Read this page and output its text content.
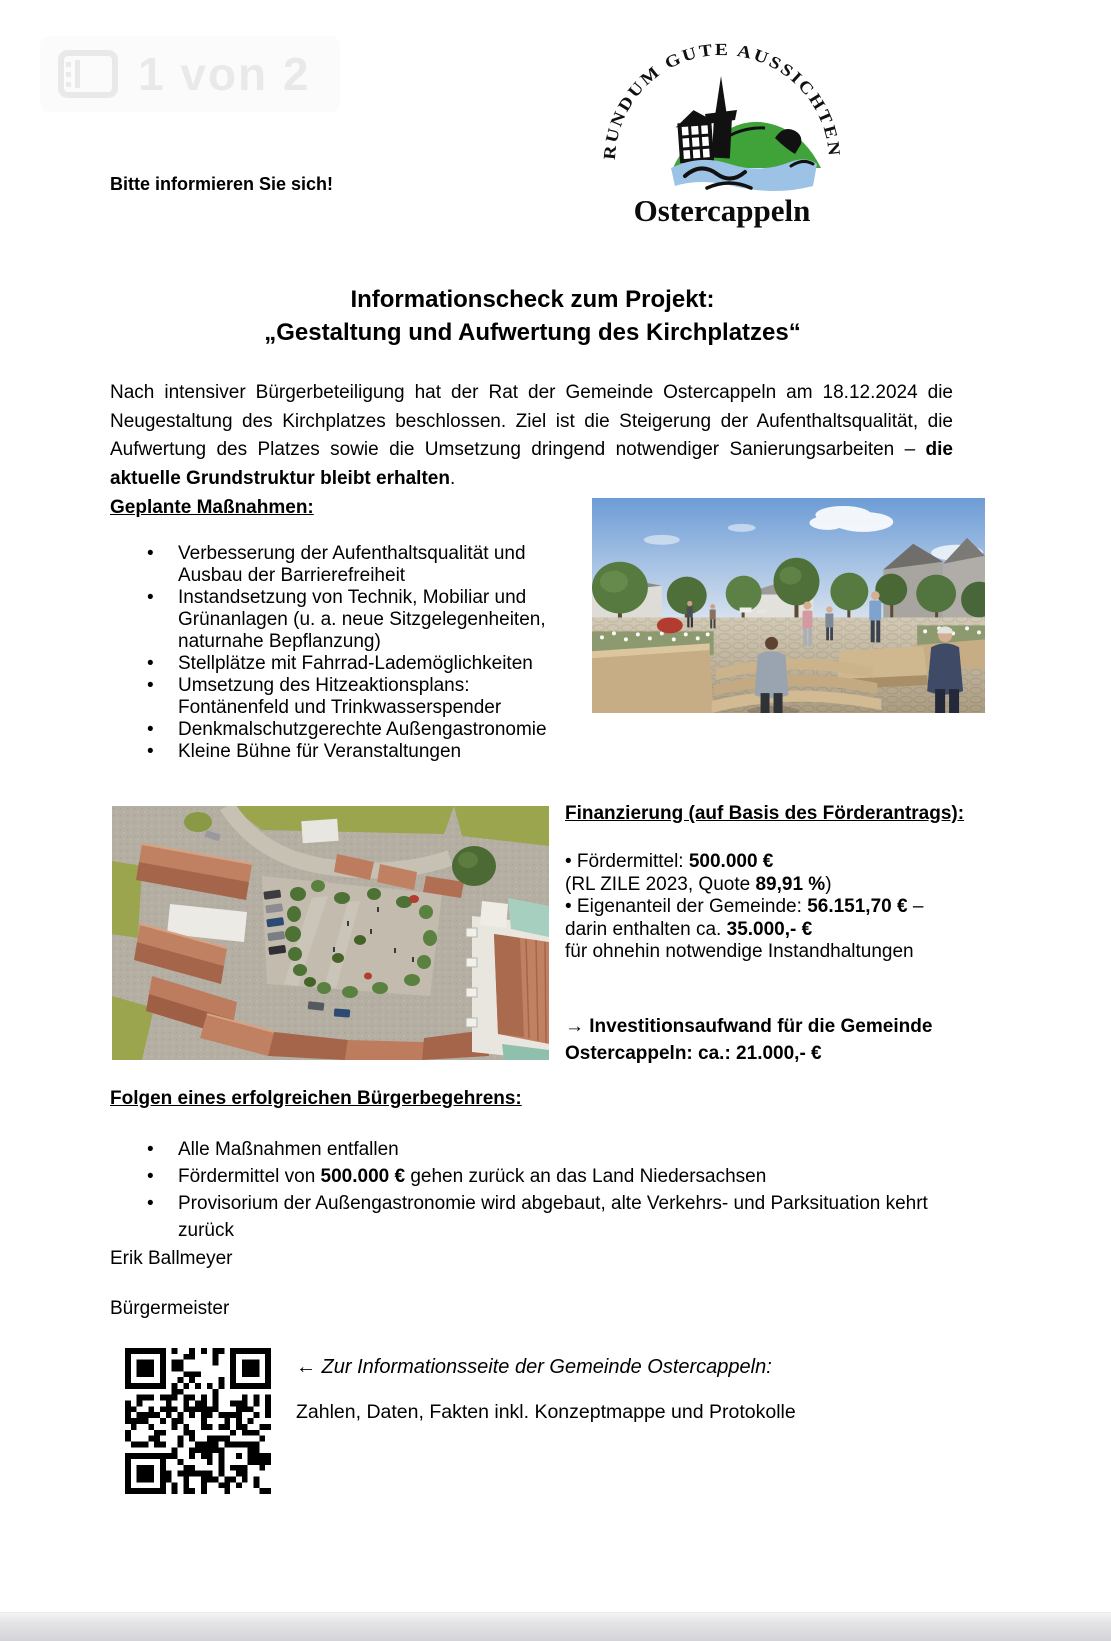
1 von 2
RUNDUM GUTE AUSSICHTEN
Ostercappeln
Bitte informieren Sie sich!
Informationscheck zum Projekt:
„Gestaltung und Aufwertung des Kirchplatzes“

Nach intensiver Bürgerbeteiligung hat der Rat der Gemeinde Ostercappeln am 18.12.2024 die Neugestaltung des Kirchplatzes beschlossen. Ziel ist die Steigerung der Aufenthaltsqualität, die Aufwertung des Platzes sowie die Umsetzung dringend notwendiger Sanierungsarbeiten – die aktuelle Grundstruktur bleibt erhalten.

Geplante Maßnahmen:
• Verbesserung der Aufenthaltsqualität und Ausbau der Barrierefreiheit
• Instandsetzung von Technik, Mobiliar und Grünanlagen (u. a. neue Sitzgelegenheiten, naturnahe Bepflanzung)
• Stellplätze mit Fahrrad-Lademöglichkeiten
• Umsetzung des Hitzeaktionsplans: Fontänenfeld und Trinkwasserspender
• Denkmalschutzgerechte Außengastronomie
• Kleine Bühne für Veranstaltungen
Finanzierung (auf Basis des Förderantrags):
• Fördermittel: 500.000 €
(RL ZILE 2023, Quote 89,91 %)
• Eigenanteil der Gemeinde: 56.151,70 € –
darin enthalten ca. 35.000,- €
für ohnehin notwendige Instandhaltungen
→ Investitionsaufwand für die Gemeinde
Ostercappeln: ca.: 21.000,- €
Folgen eines erfolgreichen Bürgerbegehrens:
• Alle Maßnahmen entfallen
• Fördermittel von 500.000 € gehen zurück an das Land Niedersachsen
• Provisorium der Außengastronomie wird abgebaut, alte Verkehrs- und Parksituation kehrt zurück
Erik Ballmeyer
Bürgermeister
← Zur Informationsseite der Gemeinde Ostercappeln:
Zahlen, Daten, Fakten inkl. Konzeptmappe und Protokolle
